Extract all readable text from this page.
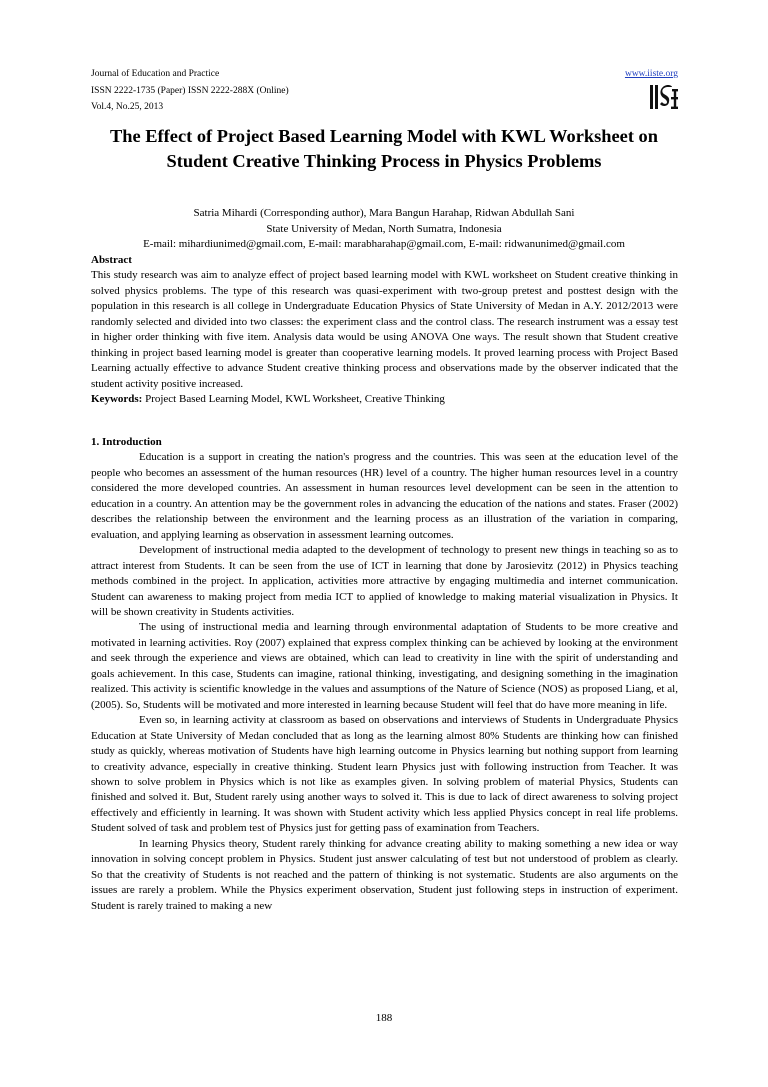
Journal of Education and Practice
ISSN 2222-1735 (Paper) ISSN 2222-288X (Online)
Vol.4, No.25, 2013
www.iiste.org
The Effect of Project Based Learning Model with KWL Worksheet on Student Creative Thinking Process in Physics Problems
Satria Mihardi (Corresponding author), Mara Bangun Harahap, Ridwan Abdullah Sani
State University of Medan, North Sumatra, Indonesia
E-mail: mihardiunimed@gmail.com, E-mail: marabharahap@gmail.com, E-mail: ridwanunimed@gmail.com

Abstract

This study research was aim to analyze effect of project based learning model with KWL worksheet on Student creative thinking in solved physics problems. The type of this research was quasi-experiment with two-group pretest and posttest design with the population in this research is all college in Undergraduate Education Physics of State University of Medan in A.Y. 2012/2013 were randomly selected and divided into two classes: the experiment class and the control class. The research instrument was a essay test in higher order thinking with five item. Analysis data would be using ANOVA One ways. The result shown that Student creative thinking in project based learning model is greater than cooperative learning models. It proved learning process with Project Based Learning actually effective to advance Student creative thinking process and observations made by the observer indicated that the student activity positive increased.

Keywords: Project Based Learning Model, KWL Worksheet, Creative Thinking

1. Introduction

Education is a support in creating the nation's progress and the countries. This was seen at the education level of the people who becomes an assessment of the human resources (HR) level of a country. The higher human resources level in a country considered the more developed countries. An assessment in human resources level development can be seen in the attention to education in a country. An attention may be the government roles in advancing the education of the nations and states. Fraser (2002) describes the relationship between the environment and the learning process as an illustration of the variation in comparing, evaluation, and applying learning as observation in assessment learning outcomes.

Development of instructional media adapted to the development of technology to present new things in teaching so as to attract interest from Students. It can be seen from the use of ICT in learning that done by Jarosievitz (2012) in Physics teaching methods combined in the project. In application, activities more attractive by engaging multimedia and internet communication. Student can awareness to making project from media ICT to applied of knowledge to making material visualization in Physics. It will be shown creativity in Students activities.

The using of instructional media and learning through environmental adaptation of Students to be more creative and motivated in learning activities. Roy (2007) explained that express complex thinking can be achieved by looking at the environment and seek through the experience and views are obtained, which can lead to creativity in line with the spirit of understanding and goals achievement. In this case, Students can imagine, rational thinking, investigating, and designing something in the imagination realized. This activity is scientific knowledge in the values and assumptions of the Nature of Science (NOS) as proposed Liang, et al, (2005). So, Students will be motivated and more interested in learning because Student will feel that do have more meaning in life.

Even so, in learning activity at classroom as based on observations and interviews of Students in Undergraduate Physics Education at State University of Medan concluded that as long as the learning almost 80% Students are thinking how can finished study as quickly, whereas motivation of Students have high learning outcome in Physics learning but nothing support from learning to creativity advance, especially in creative thinking. Student learn Physics just with following instruction from Teacher. It was shown to solve problem in Physics which is not like as examples given. In solving problem of material Physics, Students can finished and solved it. But, Student rarely using another ways to solved it. This is due to lack of direct awareness to solving project effectively and efficiently in learning. It was shown with Student activity which less applied Physics concept in real life problems. Student solved of task and problem test of Physics just for getting pass of examination from Teachers.

In learning Physics theory, Student rarely thinking for advance creating ability to making something a new idea or way innovation in solving concept problem in Physics. Student just answer calculating of test but not understood of problem as clearly. So that the creativity of Students is not reached and the pattern of thinking is not systematic. Students are also arguments on the issues are rarely a problem. While the Physics experiment observation, Student just following steps in instruction of experiment. Student is rarely trained to making a new

188
